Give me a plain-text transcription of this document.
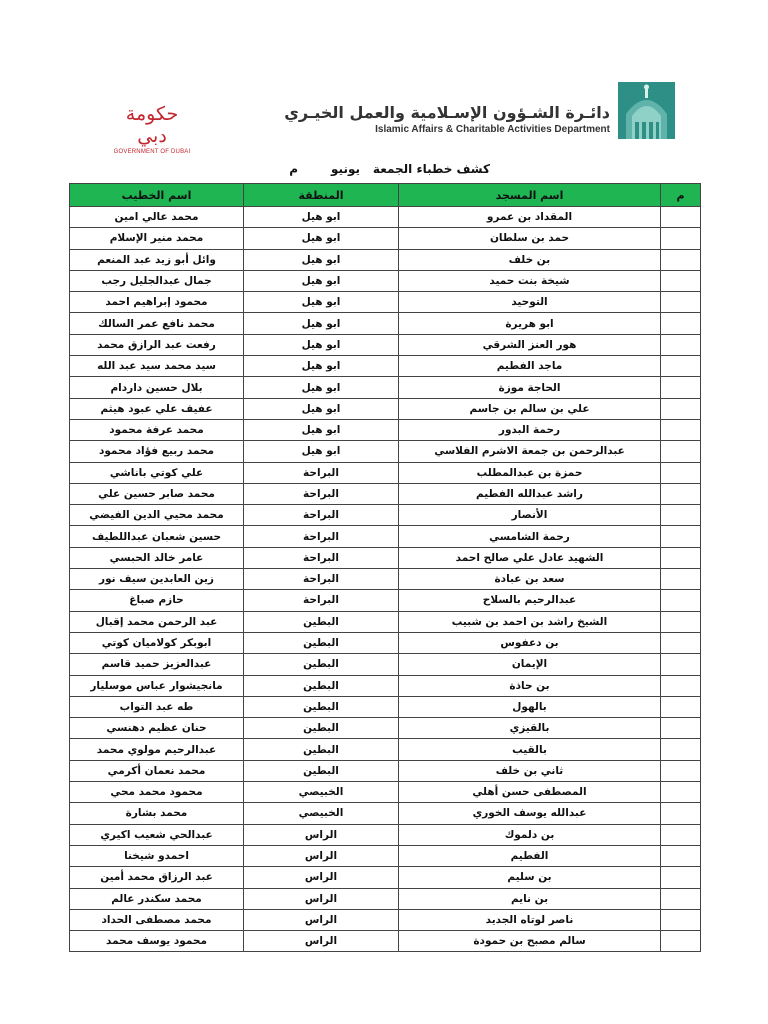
حكومة دبي
GOVERNMENT OF DUBAI
دائـرة الشـؤون الإسـلامية والعمل الخيـري
Islamic Affairs & Charitable Activities Department
كشف خطباء الجمعة
يونيو
م
م	اسم المسجد	المنطقة	اسم الخطيب
	المقداد بن عمرو	ابو هيل	محمد عالي امين
	حمد بن سلطان	ابو هيل	محمد منير الإسلام
	بن خلف	ابو هيل	وائل أبو زيد عبد المنعم
	شيخة بنت حميد	ابو هيل	جمال عبدالجليل رجب
	التوحيد	ابو هيل	محمود إبراهيم احمد
	ابو هريرة	ابو هيل	محمد نافع عمر السالك
	هور العنز الشرقي	ابو هيل	رفعت عبد الرازق محمد
	ماجد الفطيم	ابو هيل	سيد محمد سيد عبد الله
	الحاجة موزة	ابو هيل	بلال حسين داردام
	علي بن سالم بن جاسم	ابو هيل	عفيف علي عبود هيثم
	رحمة البدور	ابو هيل	محمد عرفة محمود
	عبدالرحمن بن جمعة الاشرم الفلاسي	ابو هيل	محمد ربيع فؤاد محمود
	حمزة بن عبدالمطلب	البراحة	علي كوتي باناشي
	راشد عبدالله الفطيم	البراحة	محمد صابر حسين علي
	الأنصار	البراحة	محمد محيي الدين الفيضي
	رحمة الشامسي	البراحة	حسين شعبان عبداللطيف
	الشهيد عادل علي صالح احمد	البراحة	عامر خالد الحبسي
	سعد بن عبادة	البراحة	زين العابدين سيف نور
	عبدالرحيم بالسلاح	البراحة	حازم صباغ
	الشيخ راشد بن احمد بن شبيب	البطين	عبد الرحمن محمد إقبال
	بن دعفوس	البطين	ابوبكر كولاميان كوتي
	الإيمان	البطين	عبدالعزيز حميد قاسم
	بن حاذة	البطين	مانجيشوار عباس موسليار
	بالهول	البطين	طه عبد التواب
	بالقيزي	البطين	حنان عظيم دهنسي
	بالقيب	البطين	عبدالرحيم مولوي محمد
	ثاني بن خلف	البطين	محمد نعمان أكرمي
	المصطفى حسن أهلي	الخبيصي	محمود محمد محي
	عبدالله يوسف الخوري	الخبيصي	محمد بشارة
	بن دلموك	الراس	عبدالحي شعيب اكيري
	الفطيم	الراس	احمدو شيخنا
	بن سليم	الراس	عبد الرزاق محمد أمين
	بن نايم	الراس	محمد سكندر عالم
	ناصر لوتاه الجديد	الراس	محمد مصطفى الحداد
	سالم مصبح بن حمودة	الراس	محمود يوسف محمد
